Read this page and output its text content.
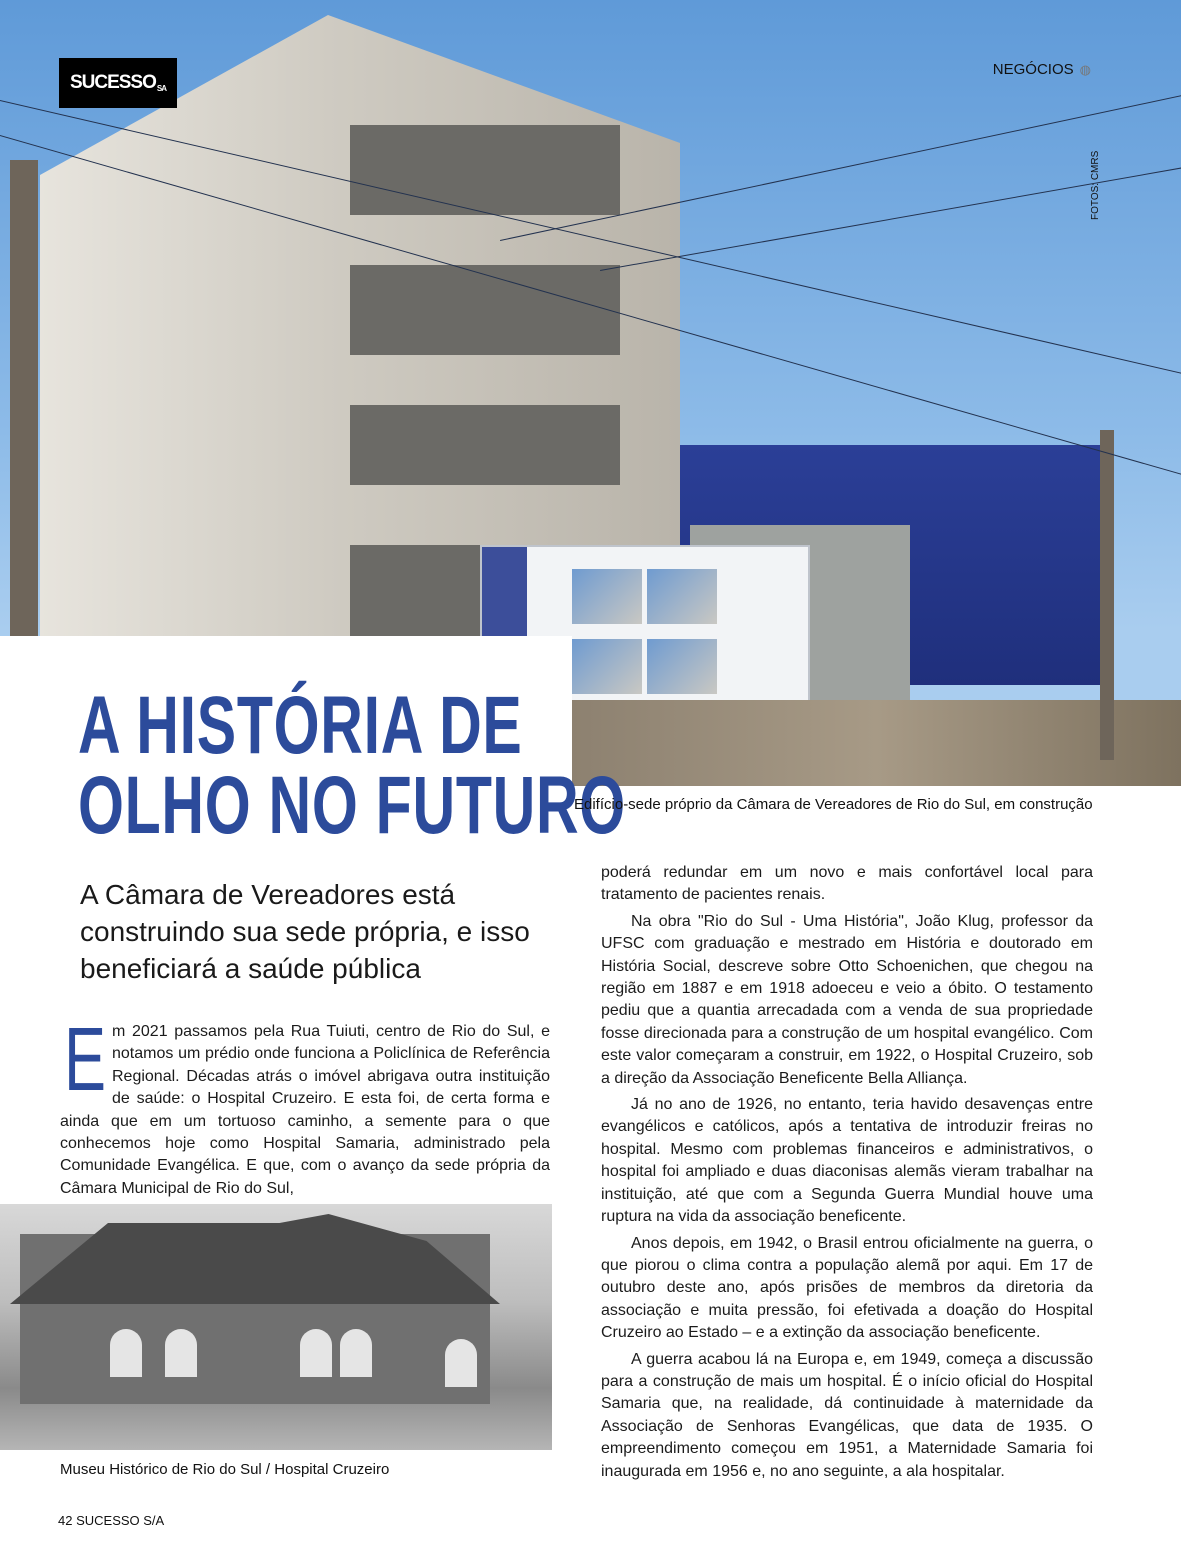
SUCESSO SA
NEGÓCIOS ◍
FOTOS: CMRS
A HISTÓRIA DE
OLHO NO FUTURO
Edifício-sede próprio da Câmara de Vereadores de Rio do Sul, em construção
A Câmara de Vereadores está construindo sua sede própria, e isso beneficiará a saúde pública
E m 2021 passamos pela Rua Tuiuti, centro de Rio do Sul, e notamos um prédio onde funciona a Policlínica de Referência Regional. Décadas atrás o imóvel abrigava outra instituição de saúde: o Hospital Cruzeiro. E esta foi, de certa forma e ainda que em um tortuoso caminho, a semente para o que conhecemos hoje como Hospital Samaria, administrado pela Comunidade Evangélica. E que, com o avanço da sede própria da Câmara Municipal de Rio do Sul,
Museu Histórico de Rio do Sul / Hospital Cruzeiro

poderá redundar em um novo e mais confortável local para tratamento de pacientes renais.

Na obra "Rio do Sul - Uma História", João Klug, professor da UFSC com graduação e mestrado em História e doutorado em História Social, descreve sobre Otto Schoenichen, que chegou na região em 1887 e em 1918 adoeceu e veio a óbito. O testamento pediu que a quantia arrecadada com a venda de sua propriedade fosse direcionada para a construção de um hospital evangélico. Com este valor começaram a construir, em 1922, o Hospital Cruzeiro, sob a direção da Associação Beneficente Bella Alliança.

Já no ano de 1926, no entanto, teria havido desavenças entre evangélicos e católicos, após a tentativa de introduzir freiras no hospital. Mesmo com problemas financeiros e administrativos, o hospital foi ampliado e duas diaconisas alemãs vieram trabalhar na instituição, até que com a Segunda Guerra Mundial houve uma ruptura na vida da associação beneficente.

Anos depois, em 1942, o Brasil entrou oficialmente na guerra, o que piorou o clima contra a população alemã por aqui. Em 17 de outubro deste ano, após prisões de membros da diretoria da associação e muita pressão, foi efetivada a doação do Hospital Cruzeiro ao Estado – e a extinção da associação beneficente.

A guerra acabou lá na Europa e, em 1949, começa a discussão para a construção de mais um hospital. É o início oficial do Hospital Samaria que, na realidade, dá continuidade à maternidade da Associação de Senhoras Evangélicas, que data de 1935. O empreendimento começou em 1951, a Maternidade Samaria foi inaugurada em 1956 e, no ano seguinte, a ala hospitalar.

42 SUCESSO S/A
